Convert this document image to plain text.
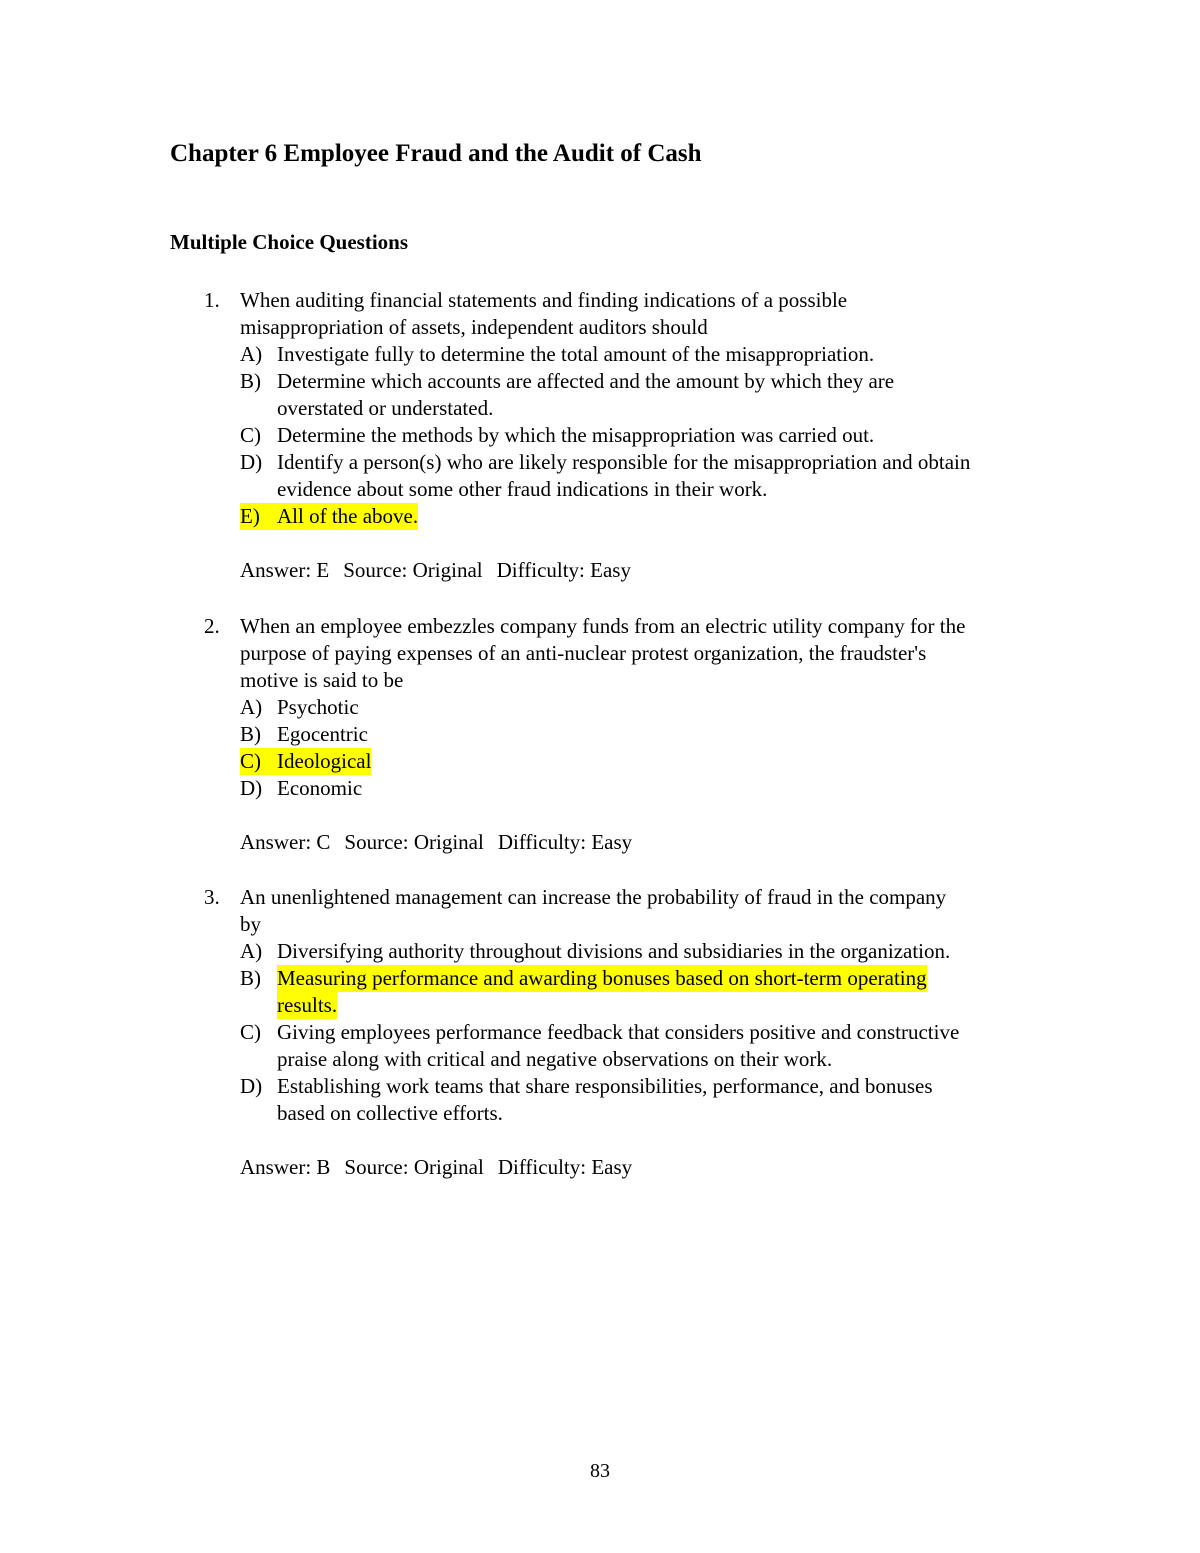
Chapter 6 Employee Fraud and the Audit of Cash
Multiple Choice Questions
1. When auditing financial statements and finding indications of a possible
misappropriation of assets, independent auditors should
A) Investigate fully to determine the total amount of the misappropriation.
B) Determine which accounts are affected and the amount by which they are
overstated or understated.
C) Determine the methods by which the misappropriation was carried out.
D) Identify a person(s) who are likely responsible for the misappropriation and obtain
evidence about some other fraud indications in their work.
E) All of the above.
Answer: E Source: Original Difficulty: Easy
2. When an employee embezzles company funds from an electric utility company for the
purpose of paying expenses of an anti-nuclear protest organization, the fraudster's
motive is said to be
A) Psychotic
B) Egocentric
C) Ideological
D) Economic
Answer: C Source: Original Difficulty: Easy
3. An unenlightened management can increase the probability of fraud in the company
by
A) Diversifying authority throughout divisions and subsidiaries in the organization.
B) Measuring performance and awarding bonuses based on short-term operating
results.
C) Giving employees performance feedback that considers positive and constructive
praise along with critical and negative observations on their work.
D) Establishing work teams that share responsibilities, performance, and bonuses
based on collective efforts.
Answer: B Source: Original Difficulty: Easy
83
